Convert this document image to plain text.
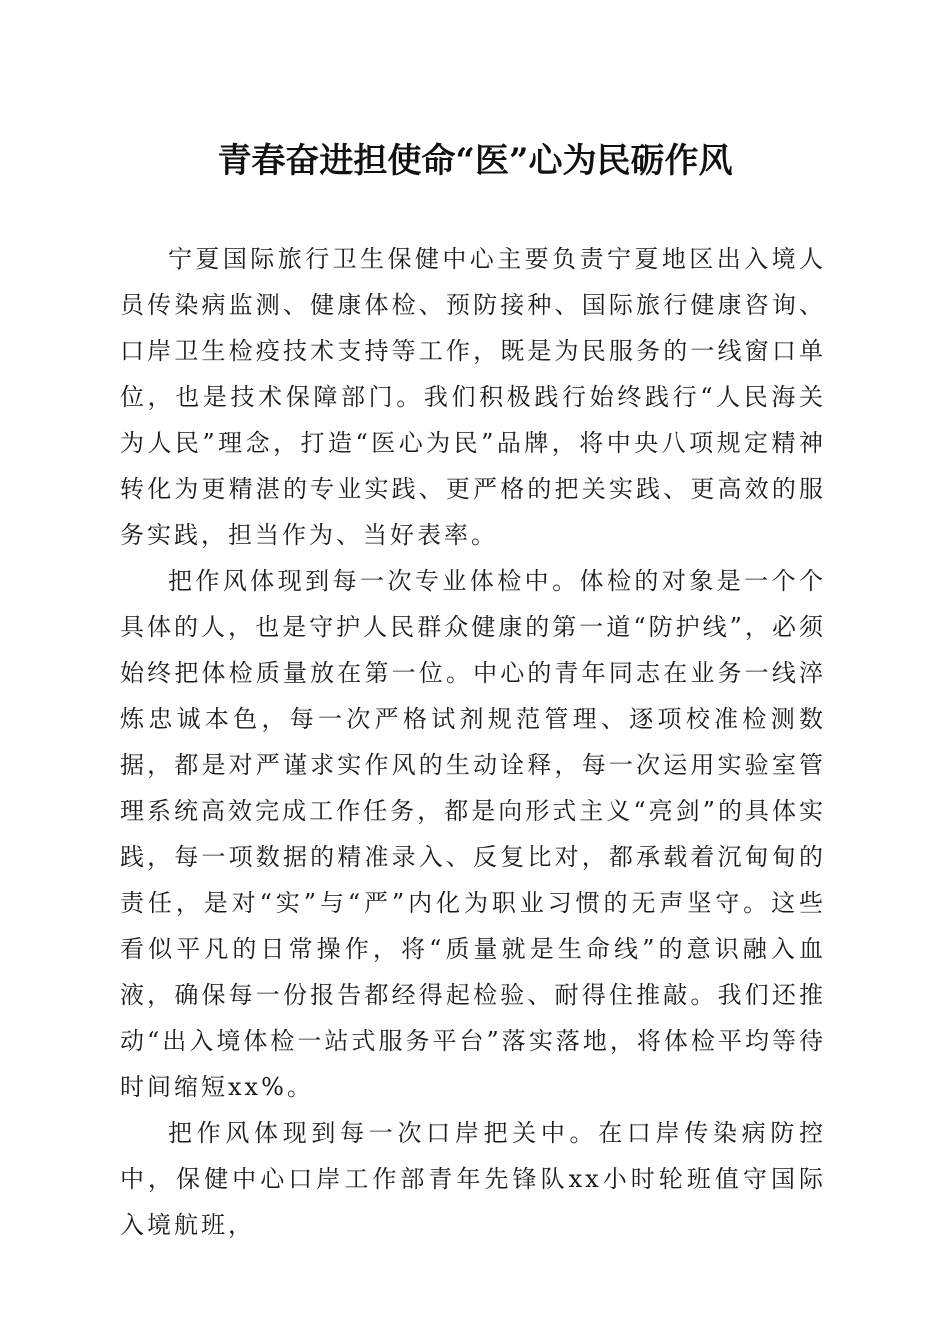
青春奋进担使命“医”心为民砺作风

宁夏国际旅行卫生保健中心主要负责宁夏地区出入境人员传染病监测、健康体检、预防接种、国际旅行健康咨询、口岸卫生检疫技术支持等工作，既是为民服务的一线窗口单位，也是技术保障部门。我们积极践行始终践行“人民海关为人民”理念，打造“医心为民”品牌，将中央八项规定精神转化为更精湛的专业实践、更严格的把关实践、更高效的服务实践，担当作为、当好表率。

把作风体现到每一次专业体检中。体检的对象是一个个具体的人，也是守护人民群众健康的第一道“防护线”，必须始终把体检质量放在第一位。中心的青年同志在业务一线淬炼忠诚本色，每一次严格试剂规范管理、逐项校准检测数据，都是对严谨求实作风的生动诠释，每一次运用实验室管理系统高效完成工作任务，都是向形式主义“亮剑”的具体实践，每一项数据的精准录入、反复比对，都承载着沉甸甸的责任，是对“实”与“严”内化为职业习惯的无声坚守。这些看似平凡的日常操作，将“质量就是生命线”的意识融入血液，确保每一份报告都经得起检验、耐得住推敲。我们还推动“出入境体检一站式服务平台”落实落地，将体检平均等待时间缩短xx%。

把作风体现到每一次口岸把关中。在口岸传染病防控中，保健中心口岸工作部青年先锋队xx小时轮班值守国际入境航班，
